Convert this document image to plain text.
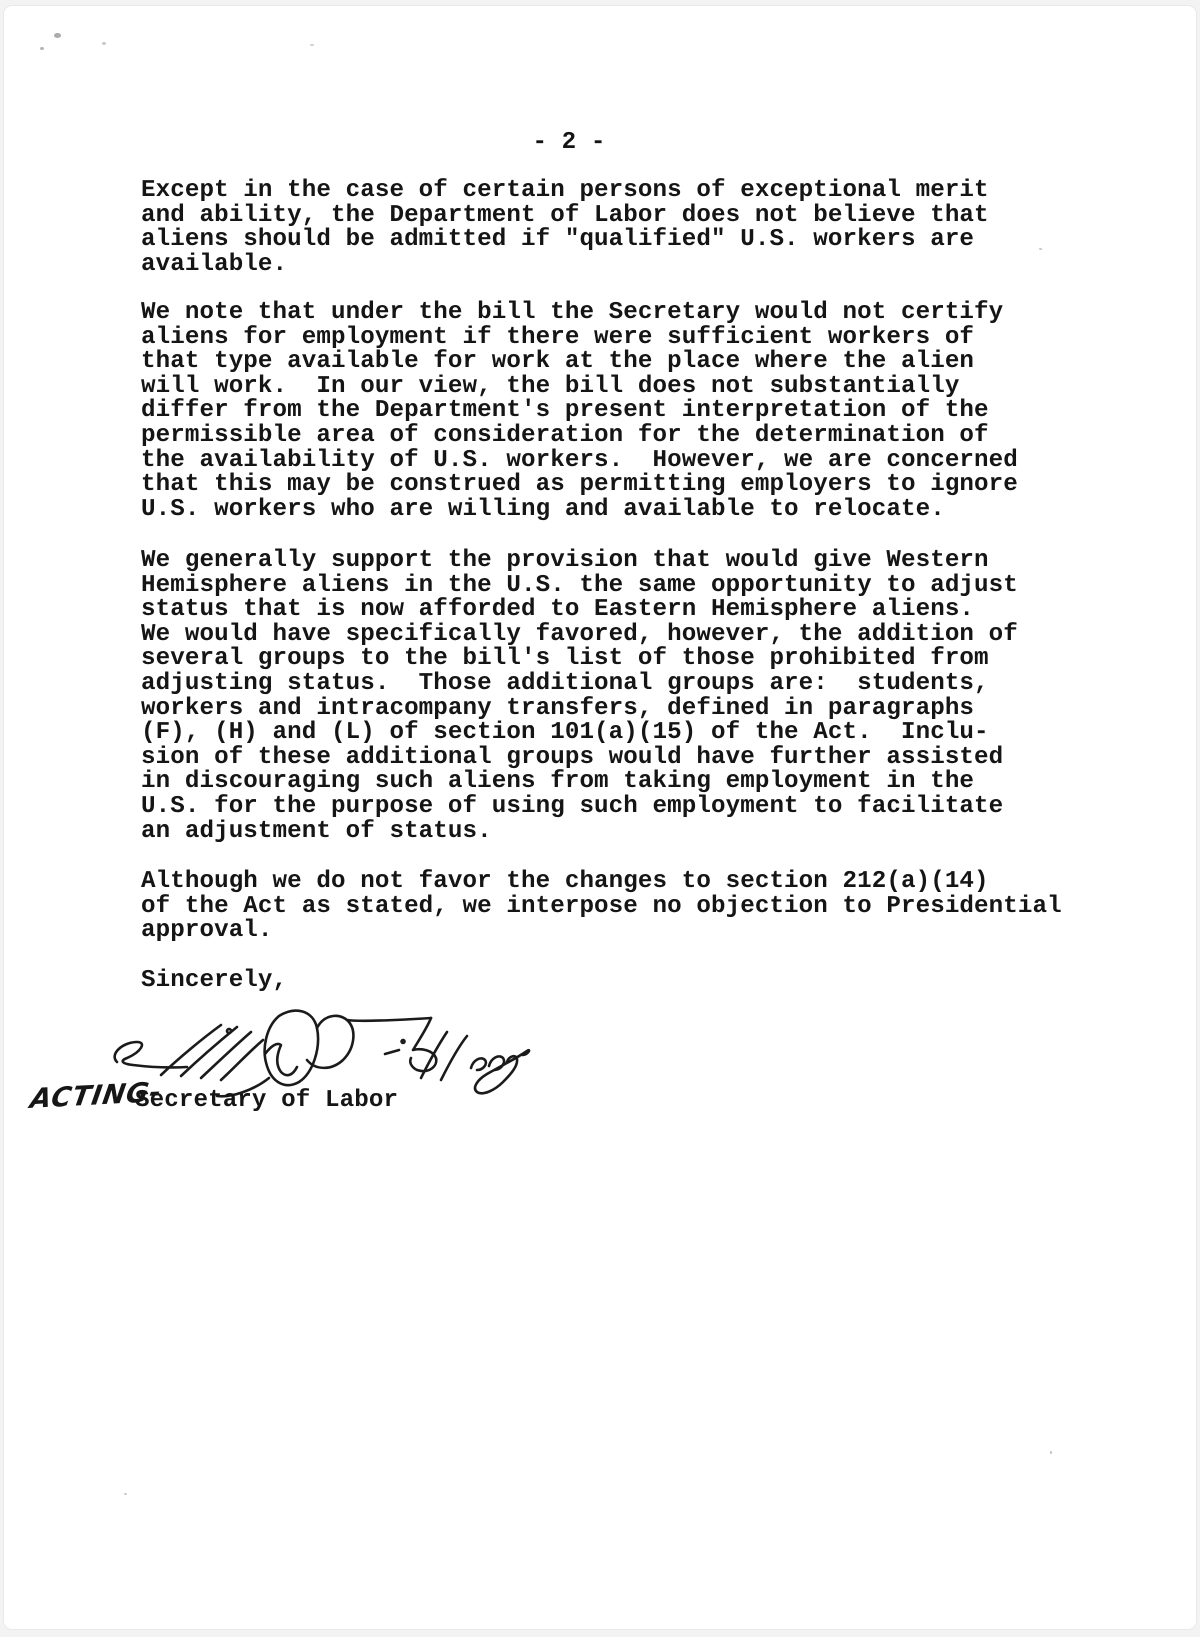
- 2 -
Except in the case of certain persons of exceptional merit
and ability, the Department of Labor does not believe that
aliens should be admitted if "qualified" U.S. workers are
available.
We note that under the bill the Secretary would not certify
aliens for employment if there were sufficient workers of
that type available for work at the place where the alien
will work.  In our view, the bill does not substantially
differ from the Department's present interpretation of the
permissible area of consideration for the determination of
the availability of U.S. workers.  However, we are concerned
that this may be construed as permitting employers to ignore
U.S. workers who are willing and available to relocate.
We generally support the provision that would give Western
Hemisphere aliens in the U.S. the same opportunity to adjust
status that is now afforded to Eastern Hemisphere aliens.
We would have specifically favored, however, the addition of
several groups to the bill's list of those prohibited from
adjusting status.  Those additional groups are:  students,
workers and intracompany transfers, defined in paragraphs
(F), (H) and (L) of section 101(a)(15) of the Act.  Inclu-
sion of these additional groups would have further assisted
in discouraging such aliens from taking employment in the
U.S. for the purpose of using such employment to facilitate
an adjustment of status.
Although we do not favor the changes to section 212(a)(14)
of the Act as stated, we interpose no objection to Presidential
approval.
Sincerely,
ACTING-
Secretary of Labor
